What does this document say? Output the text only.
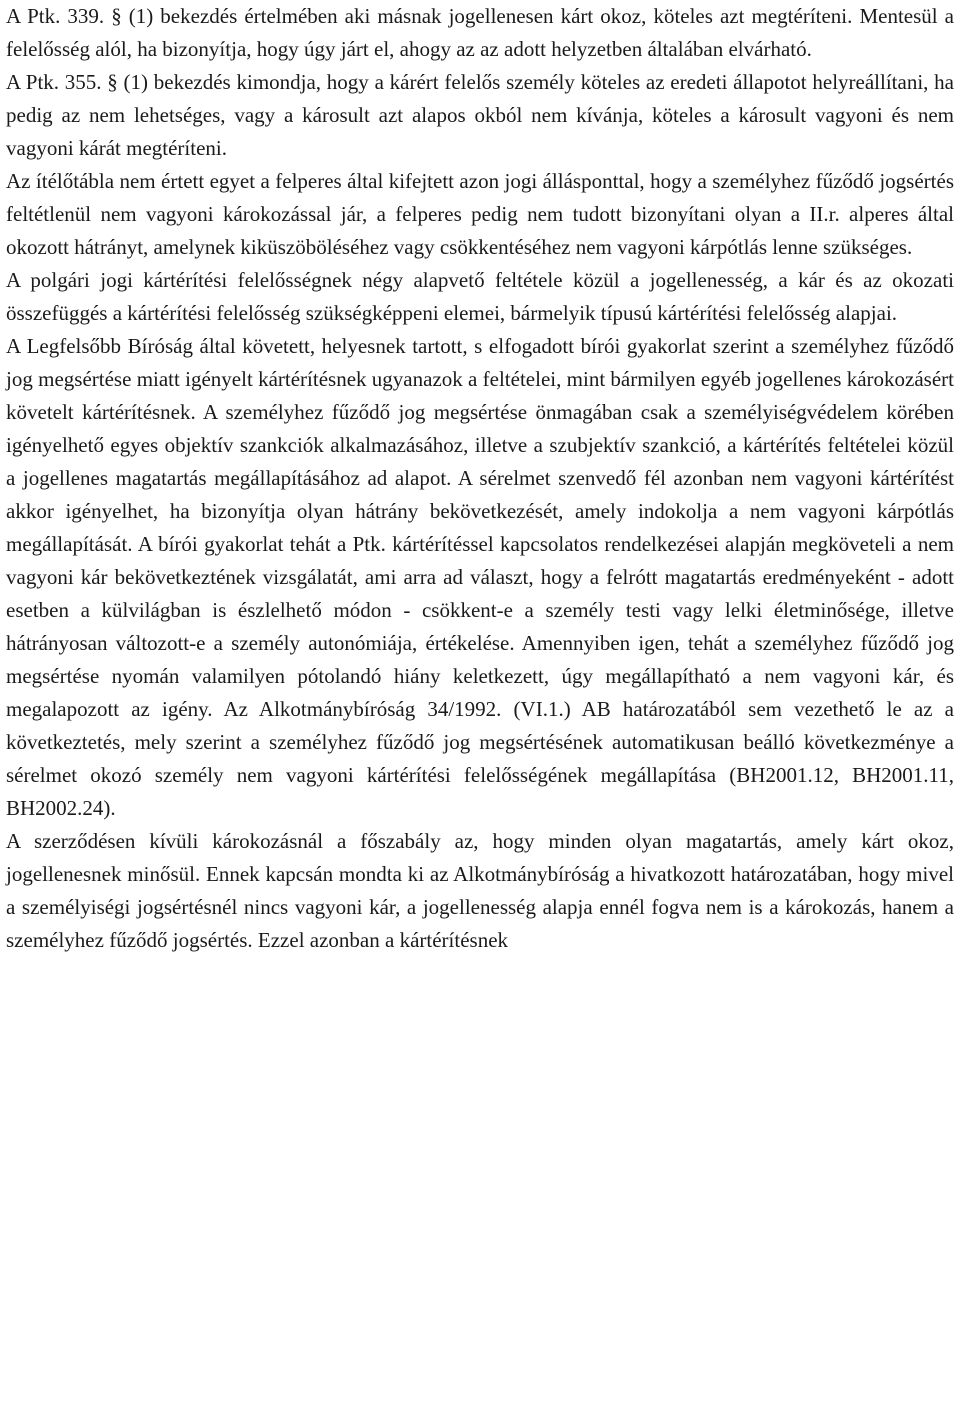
A Ptk. 339. § (1) bekezdés értelmében aki másnak jogellenesen kárt okoz, köteles azt megtéríteni. Mentesül a felelősség alól, ha bizonyítja, hogy úgy járt el, ahogy az az adott helyzetben általában elvárható.

A Ptk. 355. § (1) bekezdés kimondja, hogy a kárért felelős személy köteles az eredeti állapotot helyreállítani, ha pedig az nem lehetséges, vagy a károsult azt alapos okból nem kívánja, köteles a károsult vagyoni és nem vagyoni kárát megtéríteni.

Az ítélőtábla nem értett egyet a felperes által kifejtett azon jogi állásponttal, hogy a személyhez fűződő jogsértés feltétlenül nem vagyoni károkozással jár, a felperes pedig nem tudott bizonyítani olyan a II.r. alperes által okozott hátrányt, amelynek kiküszöböléséhez vagy csökkentéséhez nem vagyoni kárpótlás lenne szükséges.

A polgári jogi kártérítési felelősségnek négy alapvető feltétele közül a jogellenesség, a kár és az okozati összefüggés a kártérítési felelősség szükségképpeni elemei, bármelyik típusú kártérítési felelősség alapjai.

A Legfelsőbb Bíróság által követett, helyesnek tartott, s elfogadott bírói gyakorlat szerint a személyhez fűződő jog megsértése miatt igényelt kártérítésnek ugyanazok a feltételei, mint bármilyen egyéb jogellenes károkozásért követelt kártérítésnek. A személyhez fűződő jog megsértése önmagában csak a személyiségvédelem körében igényelhető egyes objektív szankciók alkalmazásához, illetve a szubjektív szankció, a kártérítés feltételei közül a jogellenes magatartás megállapításához ad alapot. A sérelmet szenvedő fél azonban nem vagyoni kártérítést akkor igényelhet, ha bizonyítja olyan hátrány bekövetkezését, amely indokolja a nem vagyoni kárpótlás megállapítását. A bírói gyakorlat tehát a Ptk. kártérítéssel kapcsolatos rendelkezései alapján megköveteli a nem vagyoni kár bekövetkeztének vizsgálatát, ami arra ad választ, hogy a felrótt magatartás eredményeként - adott esetben a külvilágban is észlelhető módon - csökkent-e a személy testi vagy lelki életminősége, illetve hátrányosan változott-e a személy autonómiája, értékelése. Amennyiben igen, tehát a személyhez fűződő jog megsértése nyomán valamilyen pótolandó hiány keletkezett, úgy megállapítható a nem vagyoni kár, és megalapozott az igény. Az Alkotmánybíróság 34/1992. (VI.1.) AB határozatából sem vezethető le az a következtetés, mely szerint a személyhez fűződő jog megsértésének automatikusan beálló következménye a sérelmet okozó személy nem vagyoni kártérítési felelősségének megállapítása (BH2001.12, BH2001.11, BH2002.24).

A szerződésen kívüli károkozásnál a főszabály az, hogy minden olyan magatartás, amely kárt okoz, jogellenesnek minősül. Ennek kapcsán mondta ki az Alkotmánybíróság a hivatkozott határozatában, hogy mivel a személyiségi jogsértésnél nincs vagyoni kár, a jogellenesség alapja ennél fogva nem is a károkozás, hanem a személyhez fűződő jogsértés. Ezzel azonban a kártérítésnek
